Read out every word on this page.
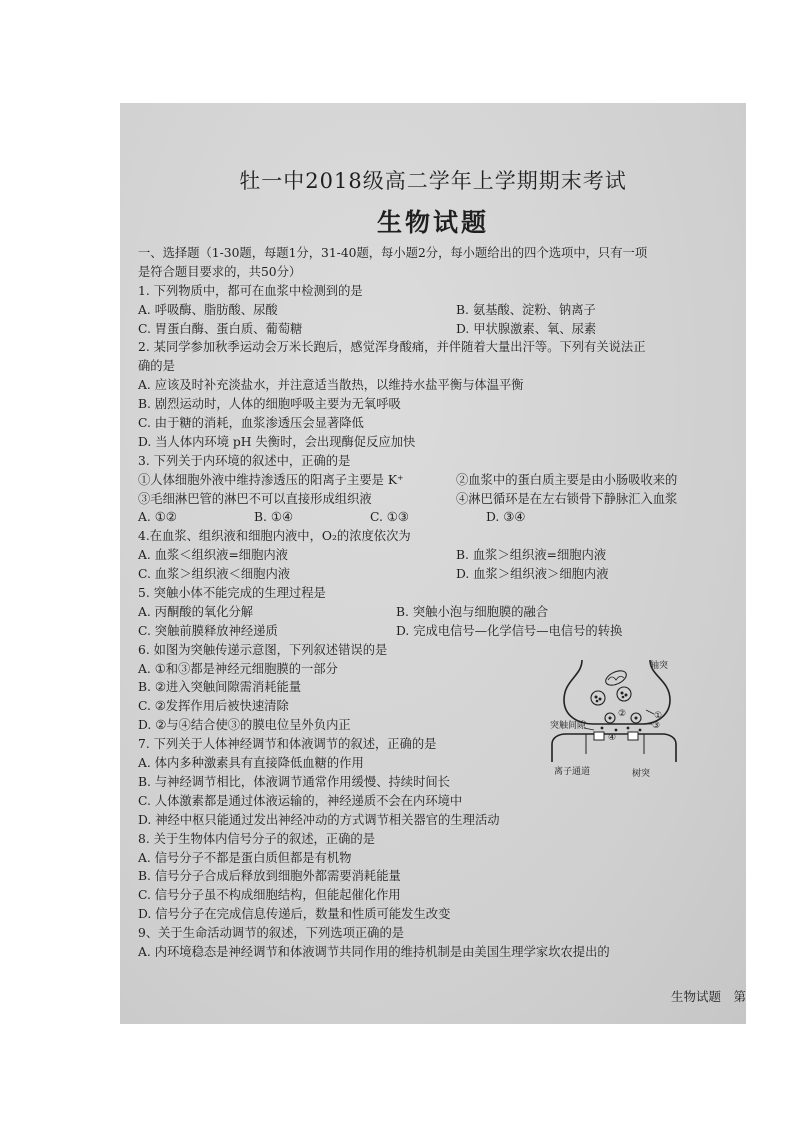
牡一中2018级高二学年上学期期末考试
生物试题
一、选择题（1-30题，每题1分，31-40题，每小题2分，每小题给出的四个选项中，只有一项
是符合题目要求的，共50分）
1. 下列物质中，都可在血浆中检测到的是
A. 呼吸酶、脂肪酸、尿酸	B. 氨基酸、淀粉、钠离子
C. 胃蛋白酶、蛋白质、葡萄糖	D. 甲状腺激素、氧、尿素
2. 某同学参加秋季运动会万米长跑后，感觉浑身酸痛，并伴随着大量出汗等。下列有关说法正
确的是
A. 应该及时补充淡盐水，并注意适当散热，以维持水盐平衡与体温平衡
B. 剧烈运动时，人体的细胞呼吸主要为无氧呼吸
C. 由于糖的消耗，血浆渗透压会显著降低
D. 当人体内环境 pH 失衡时，会出现酶促反应加快
3. 下列关于内环境的叙述中，正确的是
①人体细胞外液中维持渗透压的阳离子主要是 K⁺	②血浆中的蛋白质主要是由小肠吸收来的
③毛细淋巴管的淋巴不可以直接形成组织液	④淋巴循环是在左右锁骨下静脉汇入血浆
A. ①②	B. ①④	C. ①③	D. ③④
4.在血浆、组织液和细胞内液中，O₂的浓度依次为
A. 血浆＜组织液=细胞内液	B. 血浆＞组织液=细胞内液
C. 血浆＞组织液＜细胞内液	D. 血浆＞组织液＞细胞内液
5. 突触小体不能完成的生理过程是
A. 丙酮酸的氧化分解	B. 突触小泡与细胞膜的融合
C. 突触前膜释放神经递质	D. 完成电信号—化学信号—电信号的转换
6. 如图为突触传递示意图，下列叙述错误的是
A. ①和③都是神经元细胞膜的一部分
B. ②进入突触间隙需消耗能量
C. ②发挥作用后被快速清除
D. ②与④结合使③的膜电位呈外负内正
7. 下列关于人体神经调节和体液调节的叙述，正确的是
A. 体内多种激素具有直接降低血糖的作用
B. 与神经调节相比，体液调节通常作用缓慢、持续时间长
C. 人体激素都是通过体液运输的，神经递质不会在内环境中
D. 神经中枢只能通过发出神经冲动的方式调节相关器官的生理活动
8. 关于生物体内信号分子的叙述，正确的是
A. 信号分子不都是蛋白质但都是有机物
B. 信号分子合成后释放到细胞外都需要消耗能量
C. 信号分子虽不构成细胞结构，但能起催化作用
D. 信号分子在完成信息传递后，数量和性质可能发生改变
9、关于生命活动调节的叙述，下列选项正确的是
A. 内环境稳态是神经调节和体液调节共同作用的维持机制是由美国生理学家坎农提出的
轴突
突触间隙
①
②
③
④
离子通道	树突
生物试题　第
